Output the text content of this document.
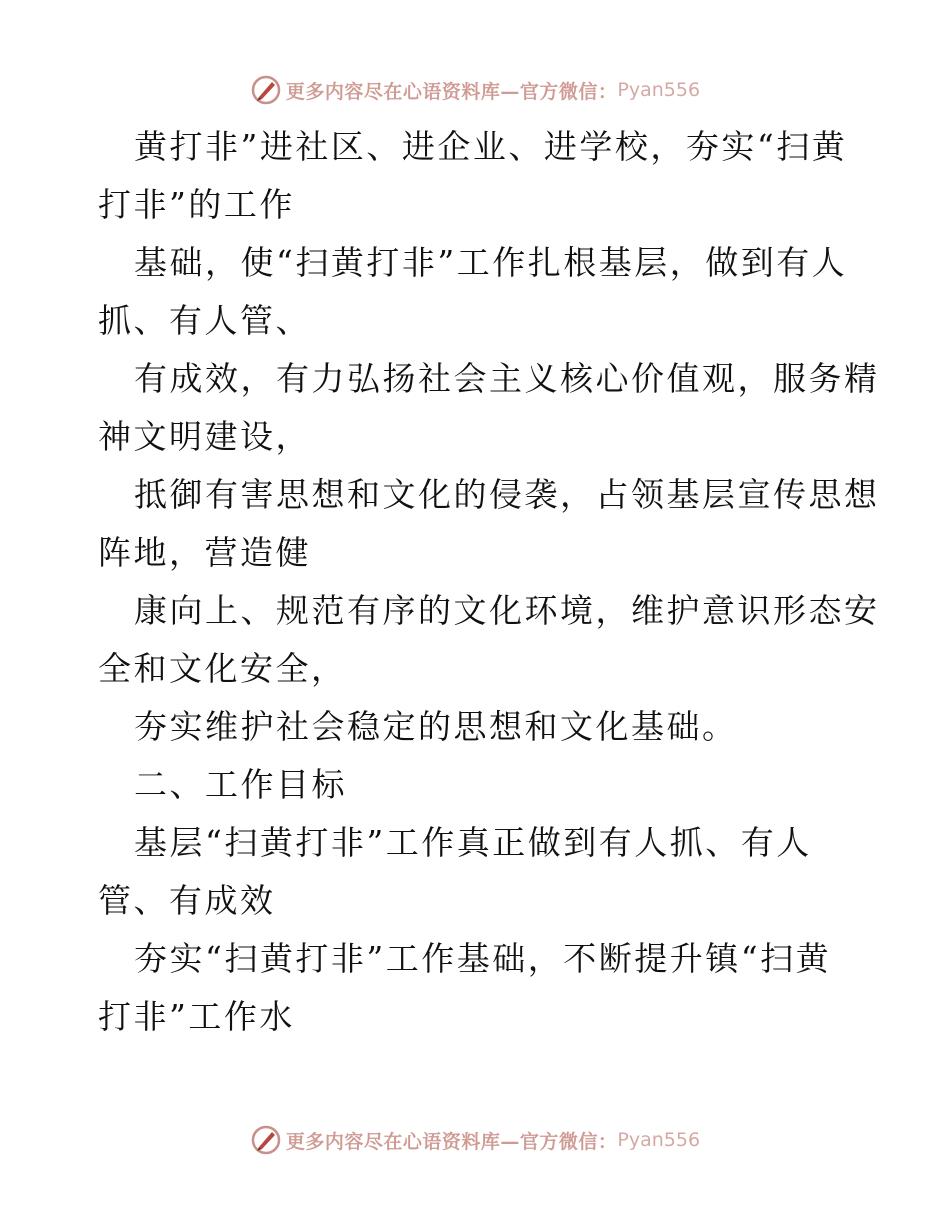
更多内容尽在心语资料库—官方微信： Pyan556
黄打非”进社区、进企业、进学校，夯实“扫黄
打非”的工作
基础，使“扫黄打非”工作扎根基层，做到有人
抓、有人管、
有成效，有力弘扬社会主义核心价值观，服务精
神文明建设，
抵御有害思想和文化的侵袭，占领基层宣传思想
阵地，营造健
康向上、规范有序的文化环境，维护意识形态安
全和文化安全，
夯实维护社会稳定的思想和文化基础。
二、工作目标
基层“扫黄打非”工作真正做到有人抓、有人
管、有成效
夯实“扫黄打非”工作基础，不断提升镇“扫黄
打非”工作水
更多内容尽在心语资料库—官方微信： Pyan556
